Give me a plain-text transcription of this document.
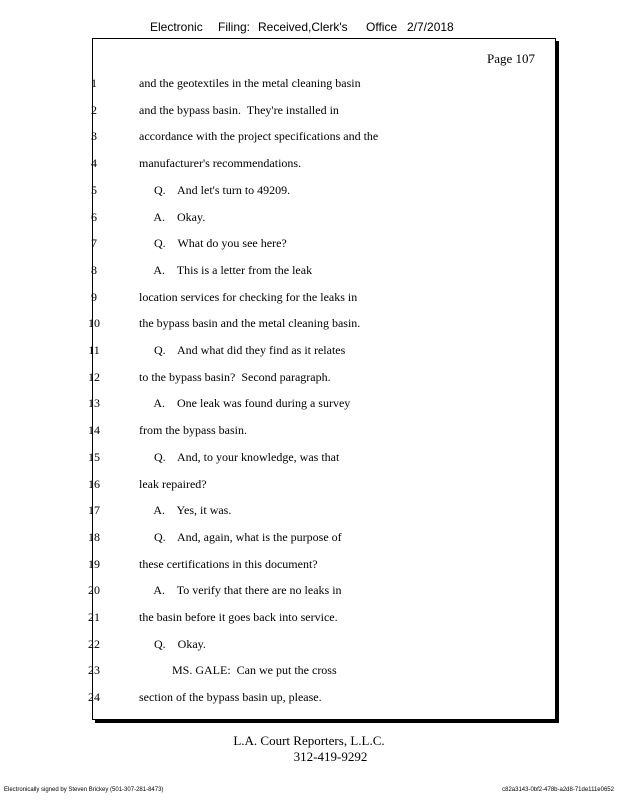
Electronic Filing: Received,Clerk's Office 2/7/2018
Page 107
1	and the geotextiles in the metal cleaning basin
2	and the bypass basin.  They're installed in
3	accordance with the project specifications and the
4	manufacturer's recommendations.
5	Q.    And let's turn to 49209.
6	A.    Okay.
7	Q.    What do you see here?
8	A.    This is a letter from the leak
9	location services for checking for the leaks in
10	the bypass basin and the metal cleaning basin.
11	Q.    And what did they find as it relates
12	to the bypass basin?  Second paragraph.
13	A.    One leak was found during a survey
14	from the bypass basin.
15	Q.    And, to your knowledge, was that
16	leak repaired?
17	A.    Yes, it was.
18	Q.    And, again, what is the purpose of
19	these certifications in this document?
20	A.    To verify that there are no leaks in
21	the basin before it goes back into service.
22	Q.    Okay.
23	MS. GALE:  Can we put the cross
24	section of the bypass basin up, please.
L.A. Court Reporters, L.L.C.
312-419-9292
Electronically signed by Steven Brickey (501-307-281-8473)	c82a3143-0bf2-478b-a2d8-71de111e0652
